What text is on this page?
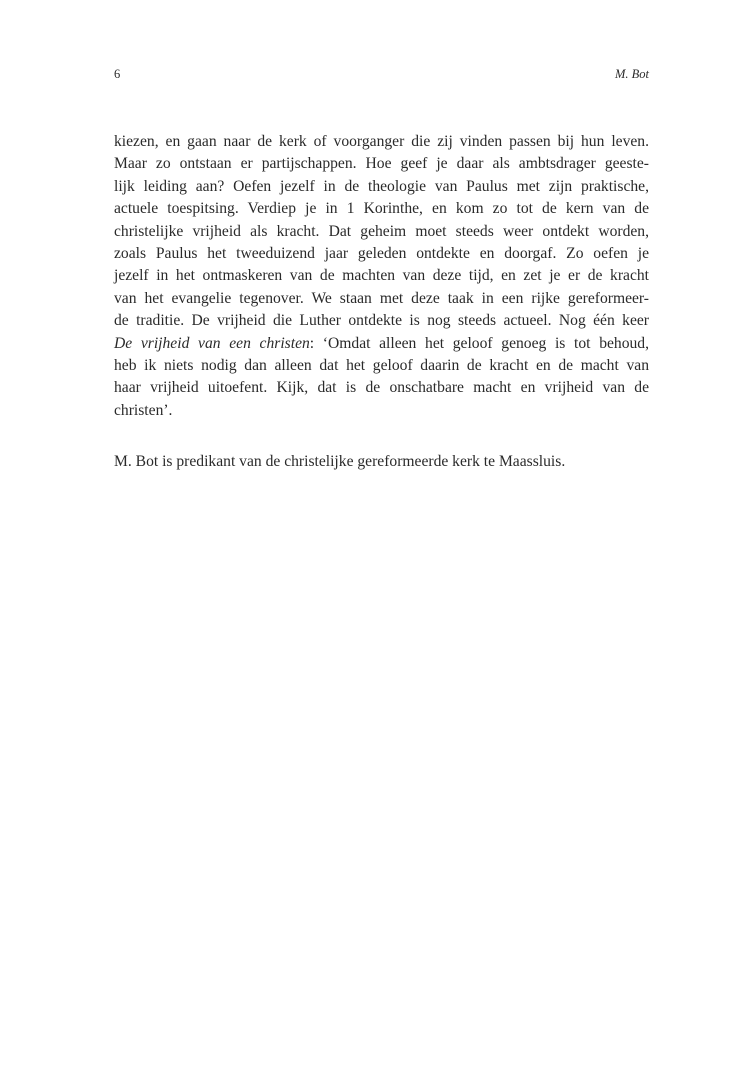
6	M. Bot
kiezen, en gaan naar de kerk of voorganger die zij vinden passen bij hun leven.
Maar zo ontstaan er partijschappen. Hoe geef je daar als ambtsdrager geeste-
lijk leiding aan? Oefen jezelf in de theologie van Paulus met zijn praktische,
actuele toespitsing. Verdiep je in 1 Korinthe, en kom zo tot de kern van de
christelijke vrijheid als kracht. Dat geheim moet steeds weer ontdekt worden,
zoals Paulus het tweeduizend jaar geleden ontdekte en doorgaf. Zo oefen je
jezelf in het ontmaskeren van de machten van deze tijd, en zet je er de kracht
van het evangelie tegenover. We staan met deze taak in een rijke gereformeer-
de traditie. De vrijheid die Luther ontdekte is nog steeds actueel. Nog één keer
De vrijheid van een christen: ‘Omdat alleen het geloof genoeg is tot behoud,
heb ik niets nodig dan alleen dat het geloof daarin de kracht en de macht van
haar vrijheid uitoefent. Kijk, dat is de onschatbare macht en vrijheid van de
christen’.
M. Bot is predikant van de christelijke gereformeerde kerk te Maassluis.
